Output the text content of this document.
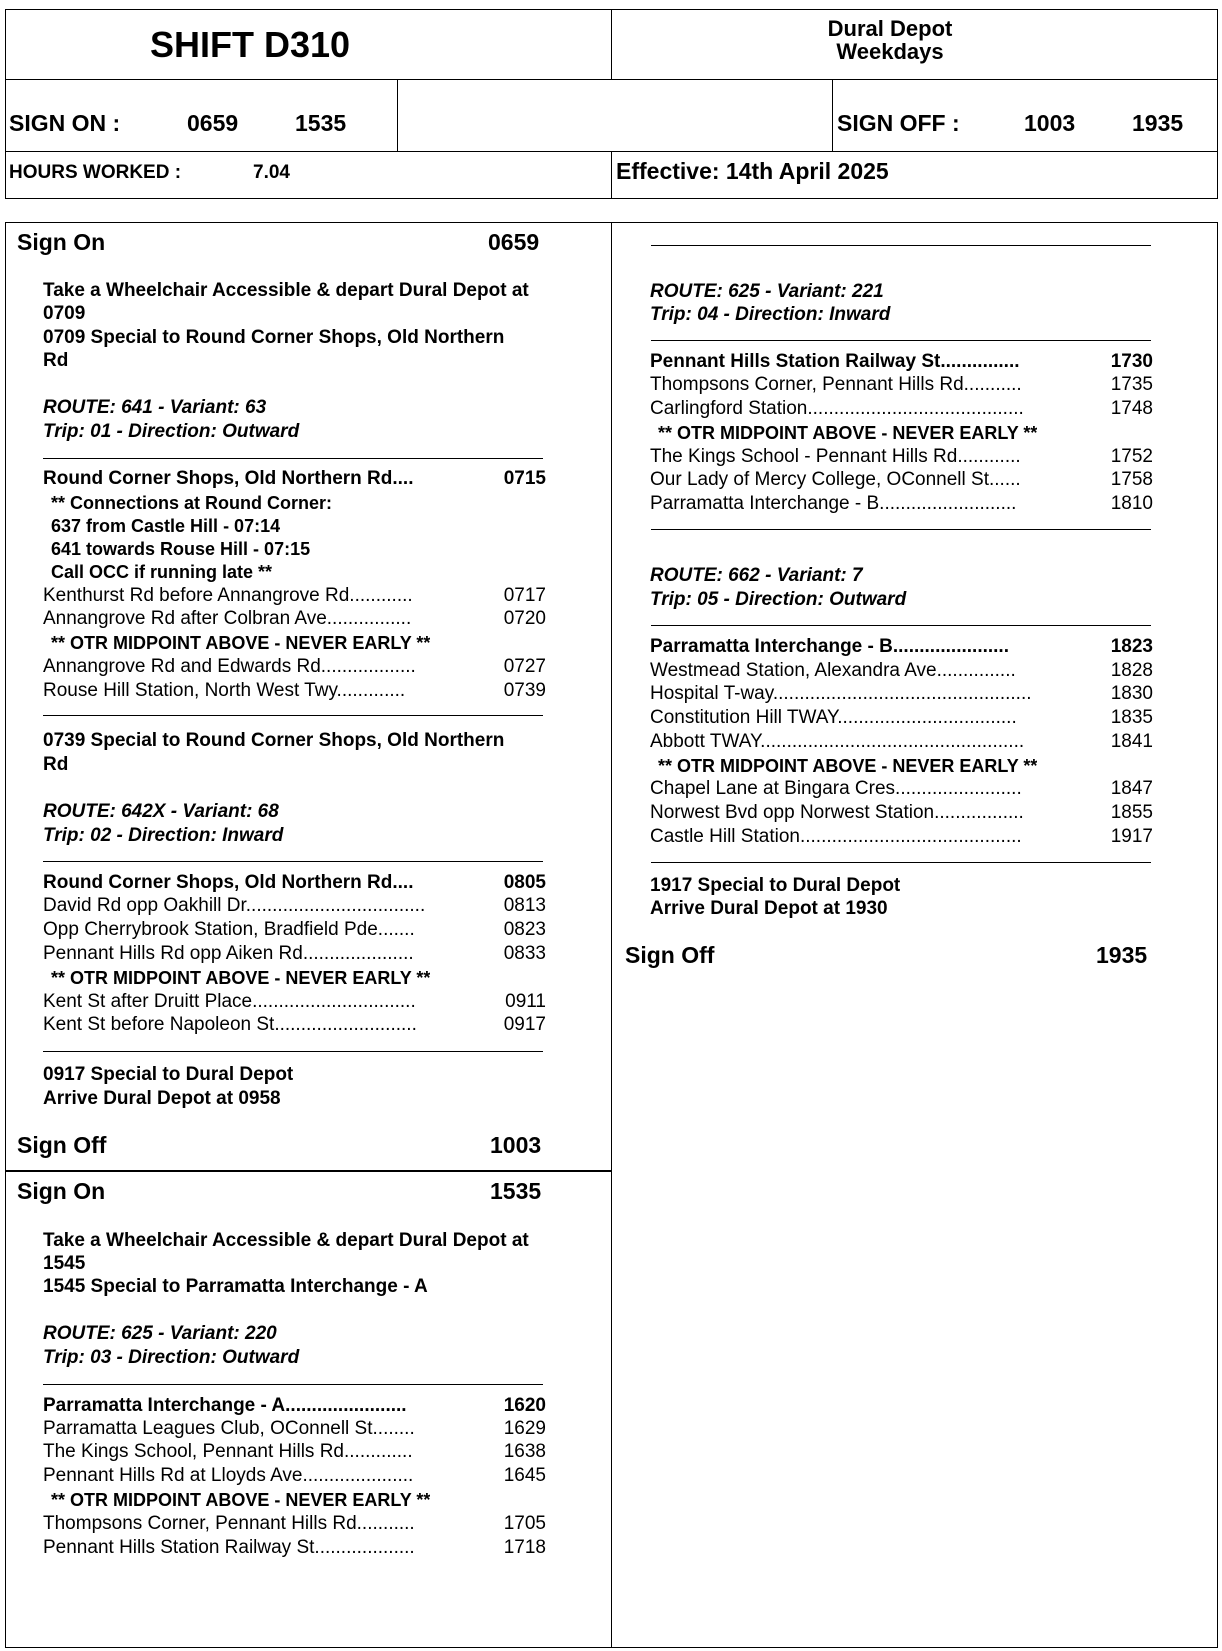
SHIFT D310	Dural Depot
Weekdays
SIGN ON :	0659 1535	SIGN OFF :	1003 1935
HOURS WORKED :	7.04	Effective: 14th April 2025
Sign On	0659
Take a Wheelchair Accessible & depart Dural Depot at
0709
0709 Special to Round Corner Shops, Old Northern
Rd
ROUTE: 641 - Variant: 63
Trip: 01 - Direction: Outward
Round Corner Shops, Old Northern Rd....	0715
** Connections at Round Corner:
637 from Castle Hill - 07:14
641 towards Rouse Hill - 07:15
Call OCC if running late **
Kenthurst Rd before Annangrove Rd............	0717
Annangrove Rd after Colbran Ave................	0720
** OTR MIDPOINT ABOVE - NEVER EARLY **
Annangrove Rd and Edwards Rd..................	0727
Rouse Hill Station, North West Twy.............	0739
0739 Special to Round Corner Shops, Old Northern
Rd
ROUTE: 642X - Variant: 68
Trip: 02 - Direction: Inward
Round Corner Shops, Old Northern Rd....	0805
David Rd opp Oakhill Dr..................................	0813
Opp Cherrybrook Station, Bradfield Pde.......	0823
Pennant Hills Rd opp Aiken Rd.....................	0833
** OTR MIDPOINT ABOVE - NEVER EARLY **
Kent St after Druitt Place...............................	0911
Kent St before Napoleon St...........................	0917
0917 Special to Dural Depot
Arrive Dural Depot at 0958
Sign Off	1003
Sign On	1535
Take a Wheelchair Accessible & depart Dural Depot at
1545
1545 Special to Parramatta Interchange - A
ROUTE: 625 - Variant: 220
Trip: 03 - Direction: Outward
Parramatta Interchange - A.......................	1620
Parramatta Leagues Club, OConnell St........	1629
The Kings School, Pennant Hills Rd.............	1638
Pennant Hills Rd at Lloyds Ave.....................	1645
** OTR MIDPOINT ABOVE - NEVER EARLY **
Thompsons Corner, Pennant Hills Rd...........	1705
Pennant Hills Station Railway St...................	1718
ROUTE: 625 - Variant: 221
Trip: 04 - Direction: Inward
Pennant Hills Station Railway St...............	1730
Thompsons Corner, Pennant Hills Rd...........	1735
Carlingford Station.........................................	1748
** OTR MIDPOINT ABOVE - NEVER EARLY **
The Kings School - Pennant Hills Rd............	1752
Our Lady of Mercy College, OConnell St......	1758
Parramatta Interchange - B..........................	1810
ROUTE: 662 - Variant: 7
Trip: 05 - Direction: Outward
Parramatta Interchange - B......................	1823
Westmead Station, Alexandra Ave...............	1828
Hospital T-way.................................................	1830
Constitution Hill TWAY..................................	1835
Abbott TWAY..................................................	1841
** OTR MIDPOINT ABOVE - NEVER EARLY **
Chapel Lane at Bingara Cres........................	1847
Norwest Bvd opp Norwest Station.................	1855
Castle Hill Station..........................................	1917
1917 Special to Dural Depot
Arrive Dural Depot at 1930
Sign Off	1935
